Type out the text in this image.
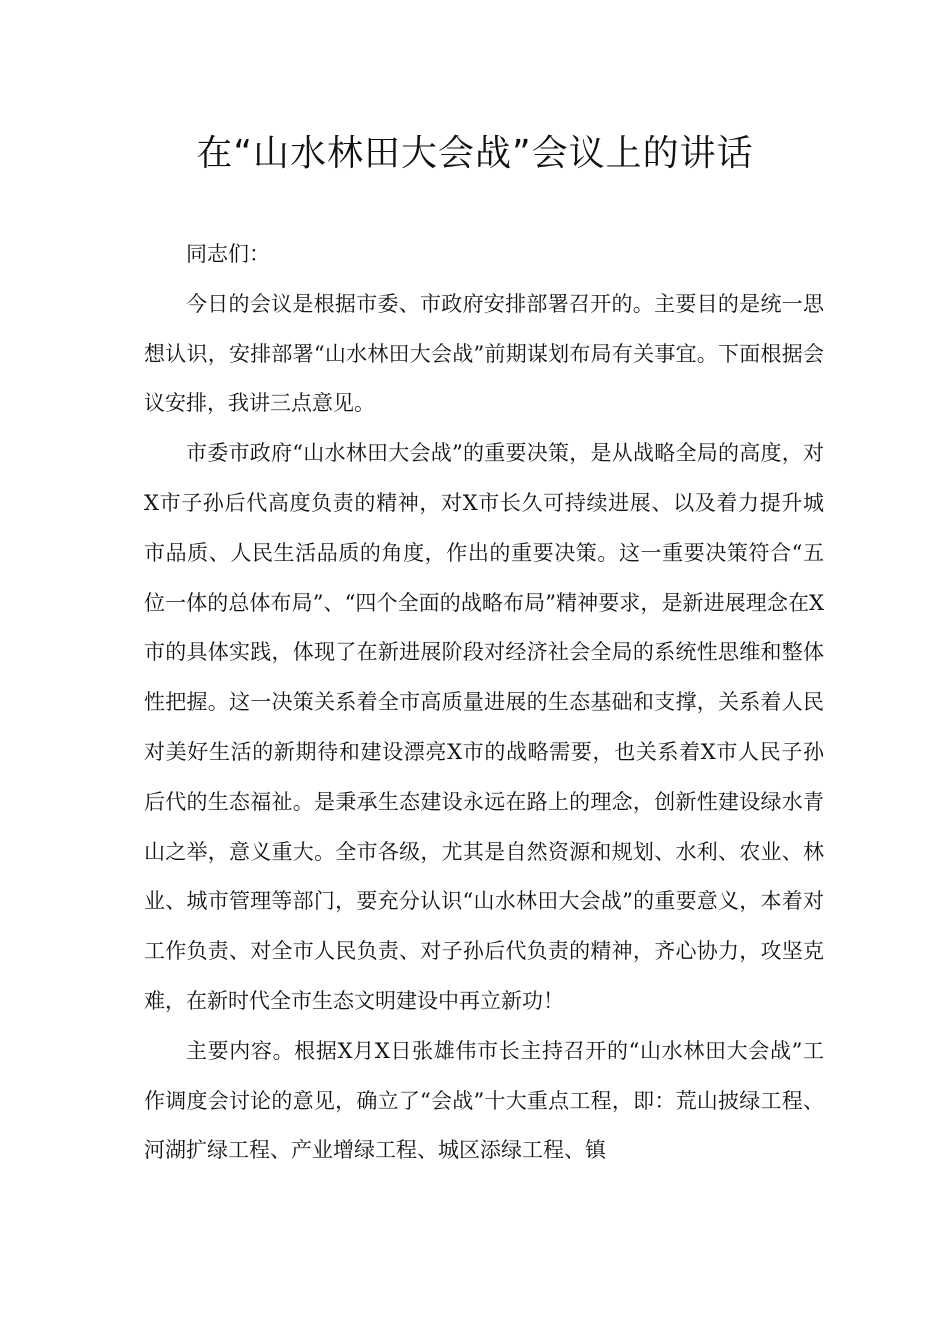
在“山水林田大会战”会议上的讲话

同志们：

今日的会议是根据市委、市政府安排部署召开的。主要目的是统一思想认识，安排部署“山水林田大会战”前期谋划布局有关事宜。下面根据会议安排，我讲三点意见。

市委市政府“山水林田大会战”的重要决策，是从战略全局的高度，对X市子孙后代高度负责的精神，对X市长久可持续进展、以及着力提升城市品质、人民生活品质的角度，作出的重要决策。这一重要决策符合“五位一体的总体布局”、“四个全面的战略布局”精神要求，是新进展理念在X市的具体实践，体现了在新进展阶段对经济社会全局的系统性思维和整体性把握。这一决策关系着全市高质量进展的生态基础和支撑，关系着人民对美好生活的新期待和建设漂亮X市的战略需要，也关系着X市人民子孙后代的生态福祉。是秉承生态建设永远在路上的理念，创新性建设绿水青山之举，意义重大。全市各级，尤其是自然资源和规划、水利、农业、林业、城市管理等部门，要充分认识“山水林田大会战”的重要意义，本着对工作负责、对全市人民负责、对子孙后代负责的精神，齐心协力，攻坚克难，在新时代全市生态文明建设中再立新功！

主要内容。根据X月X日张雄伟市长主持召开的“山水林田大会战”工作调度会讨论的意见，确立了“会战”十大重点工程，即：荒山披绿工程、河湖扩绿工程、产业增绿工程、城区添绿工程、镇
